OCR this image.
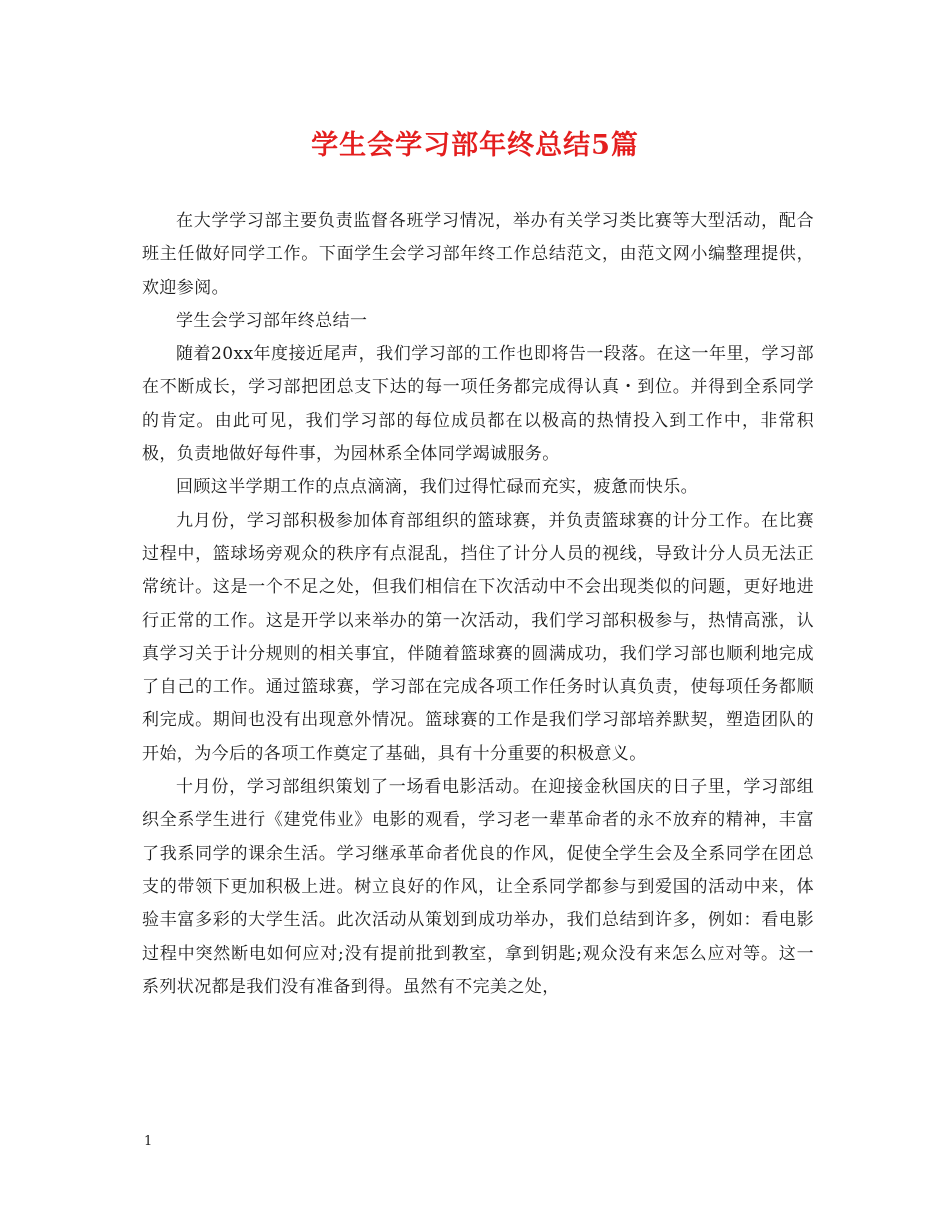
学生会学习部年终总结5篇

在大学学习部主要负责监督各班学习情况，举办有关学习类比赛等大型活动，配合班主任做好同学工作。下面学生会学习部年终工作总结范文，由范文网小编整理提供，欢迎参阅。

学生会学习部年终总结一

随着20xx年度接近尾声，我们学习部的工作也即将告一段落。在这一年里，学习部在不断成长，学习部把团总支下达的每一项任务都完成得认真・到位。并得到全系同学的肯定。由此可见，我们学习部的每位成员都在以极高的热情投入到工作中，非常积极，负责地做好每件事，为园林系全体同学竭诚服务。

回顾这半学期工作的点点滴滴，我们过得忙碌而充实，疲惫而快乐。

九月份，学习部积极参加体育部组织的篮球赛，并负责篮球赛的计分工作。在比赛过程中，篮球场旁观众的秩序有点混乱，挡住了计分人员的视线，导致计分人员无法正常统计。这是一个不足之处，但我们相信在下次活动中不会出现类似的问题，更好地进行正常的工作。这是开学以来举办的第一次活动，我们学习部积极参与，热情高涨，认真学习关于计分规则的相关事宜，伴随着篮球赛的圆满成功，我们学习部也顺利地完成了自己的工作。通过篮球赛，学习部在完成各项工作任务时认真负责，使每项任务都顺利完成。期间也没有出现意外情况。篮球赛的工作是我们学习部培养默契，塑造团队的开始，为今后的各项工作奠定了基础，具有十分重要的积极意义。

十月份，学习部组织策划了一场看电影活动。在迎接金秋国庆的日子里，学习部组织全系学生进行《建党伟业》电影的观看，学习老一辈革命者的永不放弃的精神，丰富了我系同学的课余生活。学习继承革命者优良的作风，促使全学生会及全系同学在团总支的带领下更加积极上进。树立良好的作风，让全系同学都参与到爱国的活动中来，体验丰富多彩的大学生活。此次活动从策划到成功举办，我们总结到许多，例如：看电影过程中突然断电如何应对;没有提前批到教室，拿到钥匙;观众没有来怎么应对等。这一系列状况都是我们没有准备到得。虽然有不完美之处，

1
